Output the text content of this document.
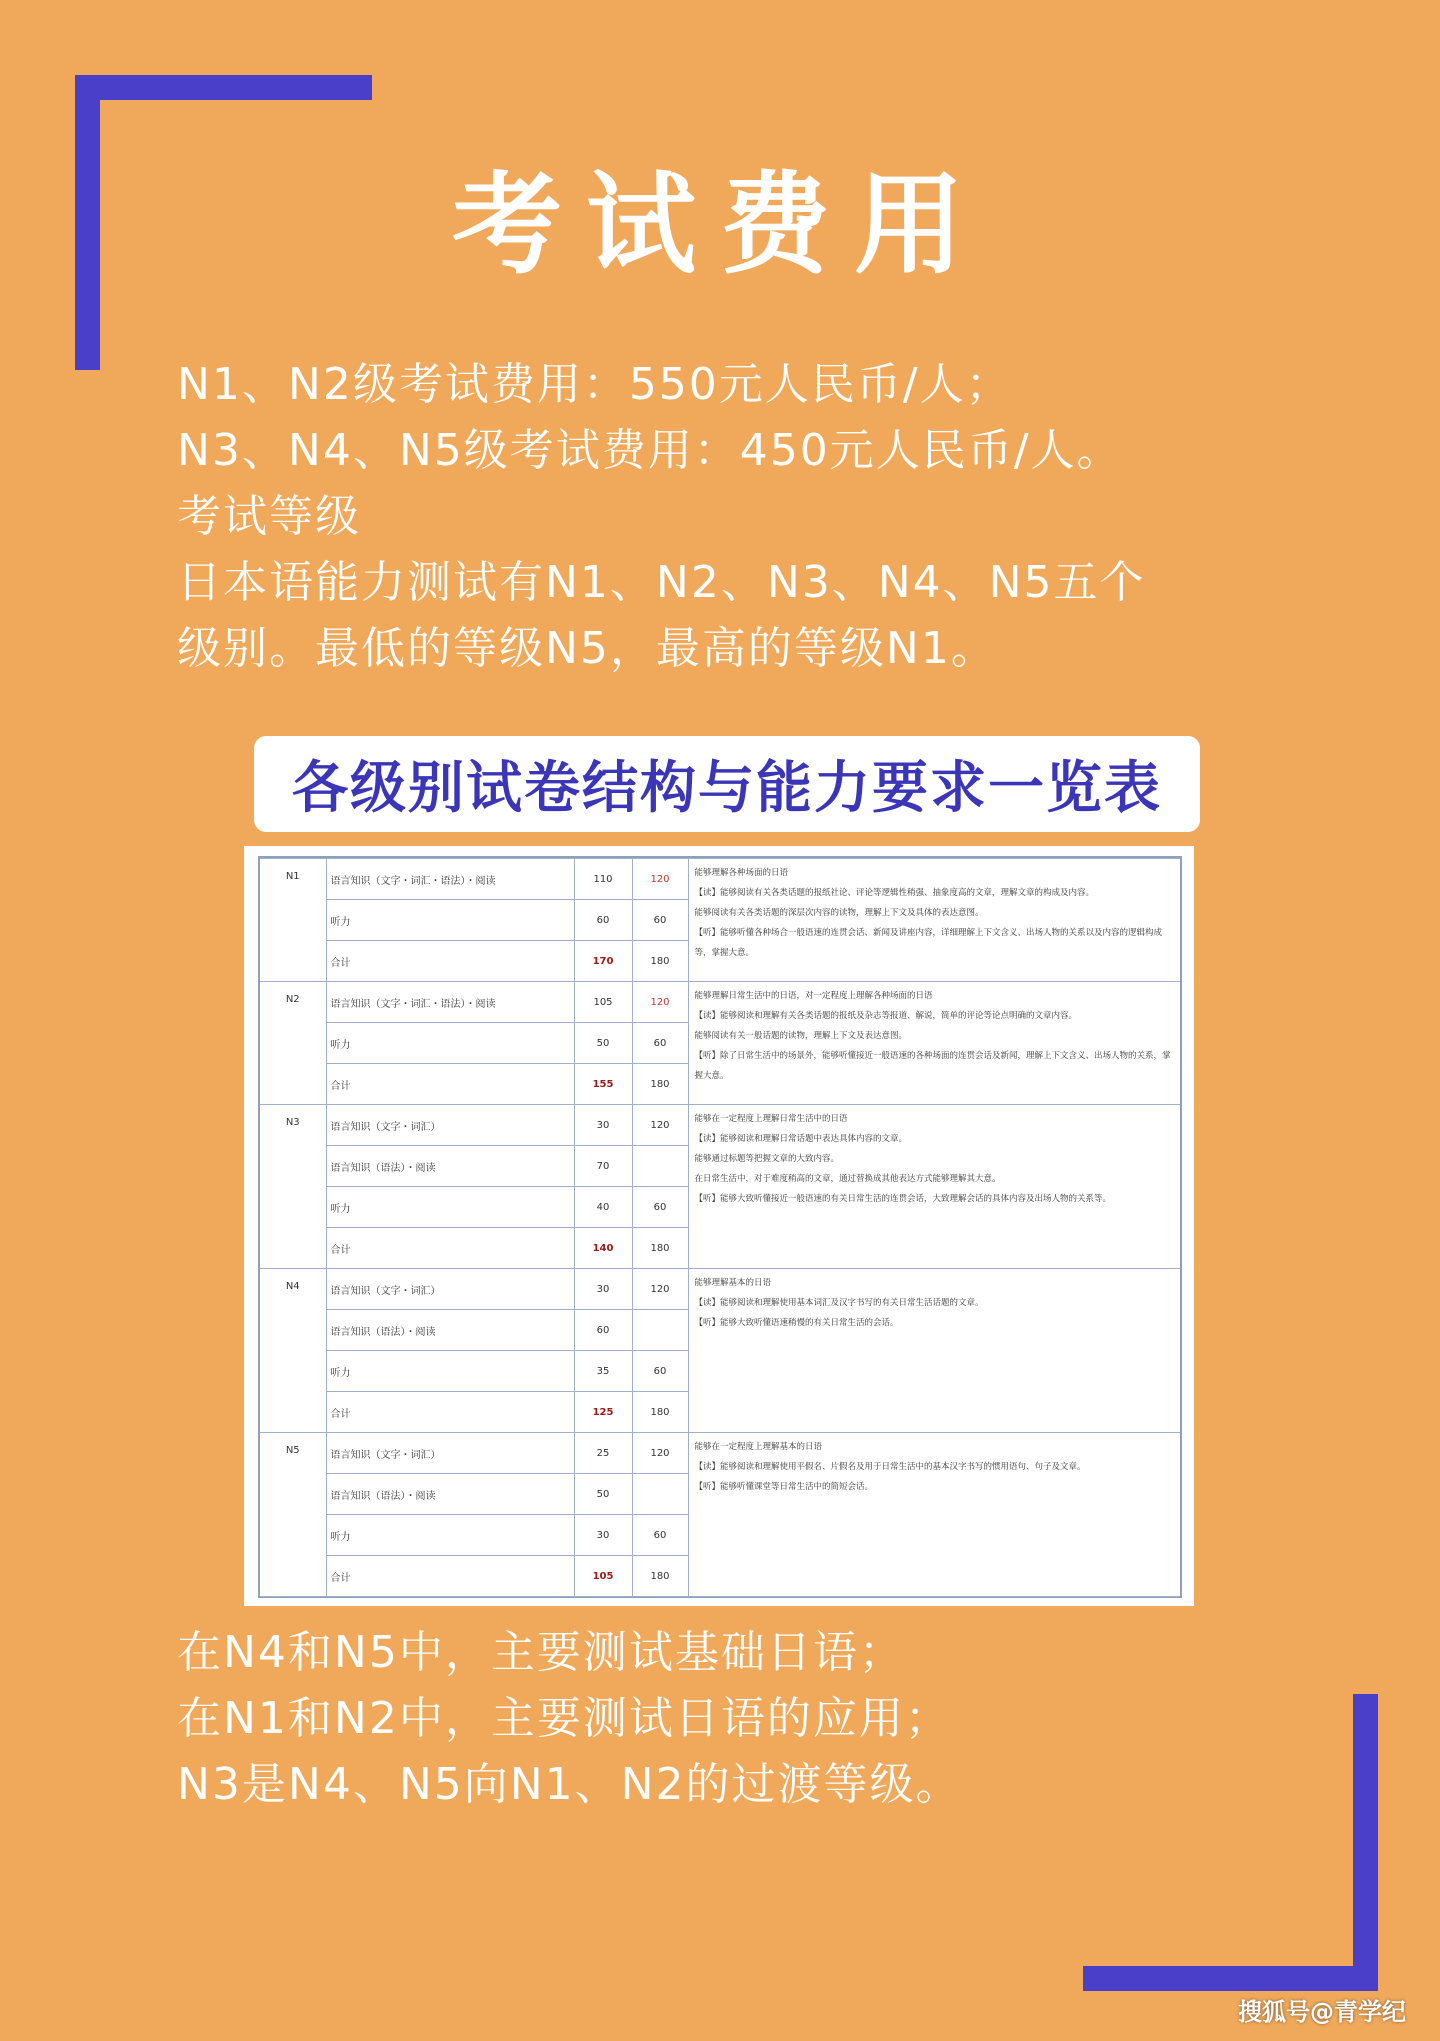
考试费用
N1、N2级考试费用：550元人民币/人；
N3、N4、N5级考试费用：450元人民币/人。
考试等级
日本语能力测试有N1、N2、N3、N4、N5五个
级别。最低的等级N5，最高的等级N1。
各级别试卷结构与能力要求一览表
N1	语言知识（文字・词汇・语法）・阅读	110	120	能够理解各种场面的日语
【读】能够阅读有关各类话题的报纸社论、评论等逻辑性稍强、抽象度高的文章，理解文章的构成及内容。
能够阅读有关各类话题的深层次内容的读物，理解上下文及具体的表达意图。
【听】能够听懂各种场合一般语速的连贯会话、新闻及讲座内容，详细理解上下文含义、出场人物的关系以及内容的逻辑构成等，掌握大意。

	听力	60	60	
	合计	170	180	
N2	语言知识（文字・词汇・语法）・阅读	105	120	能够理解日常生活中的日语，对一定程度上理解各种场面的日语
【读】能够阅读和理解有关各类话题的报纸及杂志等报道、解说，简单的评论等论点明确的文章内容。
能够阅读有关一般话题的读物，理解上下文及表达意图。
【听】除了日常生活中的场景外，能够听懂接近一般语速的各种场面的连贯会话及新闻，理解上下文含义、出场人物的关系，掌握大意。

	听力	50	60	
	合计	155	180	
N3	语言知识（文字・词汇）	30	120	能够在一定程度上理解日常生活中的日语
【读】能够阅读和理解日常话题中表达具体内容的文章。
能够通过标题等把握文章的大致内容。
在日常生活中，对于难度稍高的文章，通过替换成其他表达方式能够理解其大意。
【听】能够大致听懂接近一般语速的有关日常生活的连贯会话，大致理解会话的具体内容及出场人物的关系等。

	语言知识（语法）・阅读	70		
	听力	40	60	
	合计	140	180	
N4	语言知识（文字・词汇）	30	120	能够理解基本的日语
【读】能够阅读和理解使用基本词汇及汉字书写的有关日常生活话题的文章。
【听】能够大致听懂语速稍慢的有关日常生活的会话。

	语言知识（语法）・阅读	60		
	听力	35	60	
	合计	125	180	
N5	语言知识（文字・词汇）	25	120	能够在一定程度上理解基本的日语
【读】能够阅读和理解使用平假名、片假名及用于日常生活中的基本汉字书写的惯用语句、句子及文章。
【听】能够听懂课堂等日常生活中的简短会话。

	语言知识（语法）・阅读	50		
	听力	30	60	
	合计	105	180	
在N4和N5中，主要测试基础日语；
在N1和N2中，主要测试日语的应用；
N3是N4、N5向N1、N2的过渡等级。
搜狐号@青学纪
